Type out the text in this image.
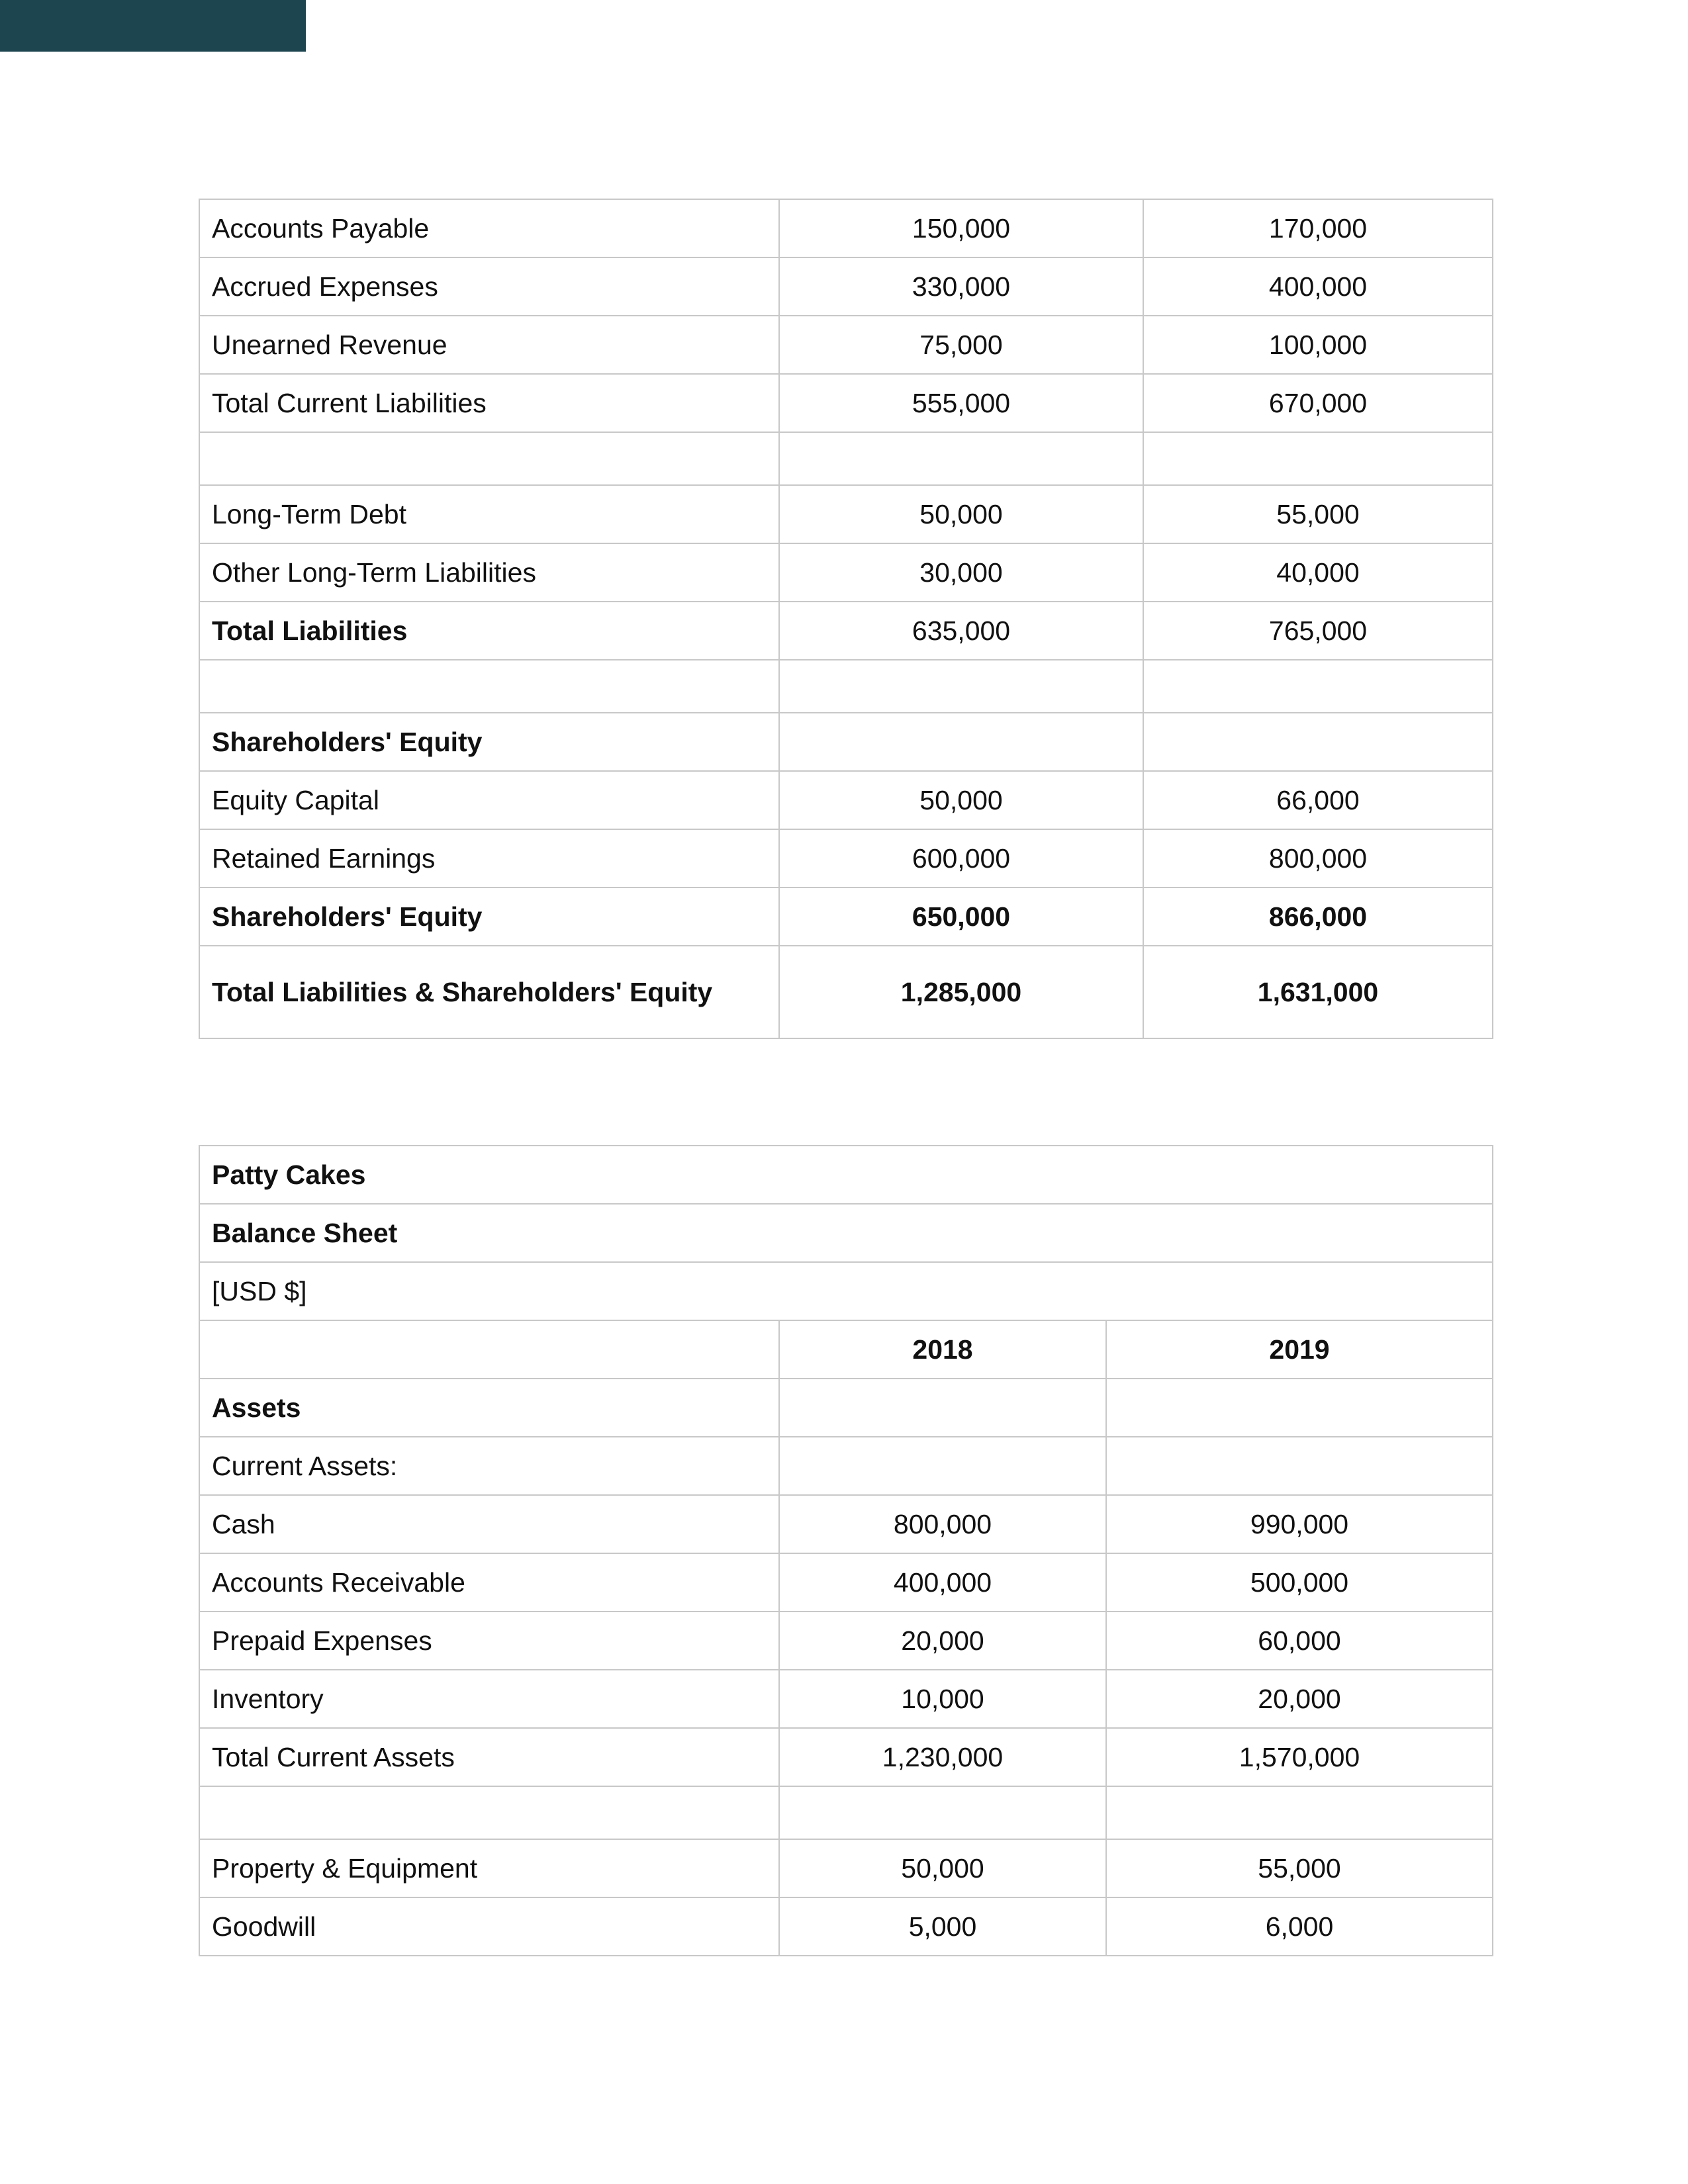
Accounts Payable	150,000	170,000
Accrued Expenses	330,000	400,000
Unearned Revenue	75,000	100,000
Total Current Liabilities	555,000	670,000

Long-Term Debt	50,000	55,000
Other Long-Term Liabilities	30,000	40,000
Total Liabilities	635,000	765,000

Shareholders' Equity		
Equity Capital	50,000	66,000
Retained Earnings	600,000	800,000
Shareholders' Equity	650,000	866,000
Total Liabilities & Shareholders' Equity	1,285,000	1,631,000
Patty Cakes		
Balance Sheet		
[USD $]		
	2018	2019
Assets		
Current Assets:		
Cash	800,000	990,000
Accounts Receivable	400,000	500,000
Prepaid Expenses	20,000	60,000
Inventory	10,000	20,000
Total Current Assets	1,230,000	1,570,000

Property & Equipment	50,000	55,000
Goodwill	5,000	6,000
